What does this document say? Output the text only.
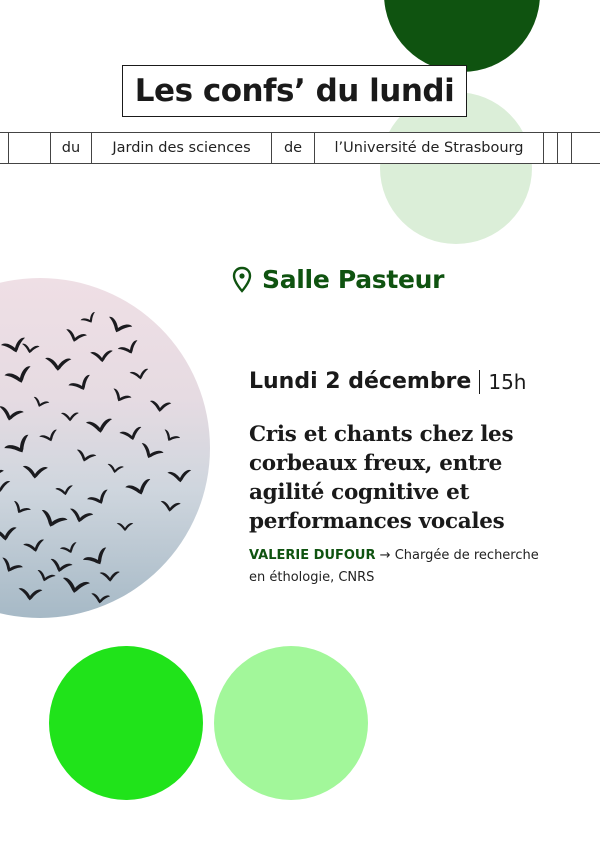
Les confs’ du lundi
du	Jardin des sciences	de	l’Université de Strasbourg
Salle Pasteur
Lundi 2 décembre 15h
Cris et chants chez les
corbeaux freux, entre
agilité cognitive et
performances vocales
VALERIE DUFOUR → Chargée de recherche
en éthologie, CNRS
